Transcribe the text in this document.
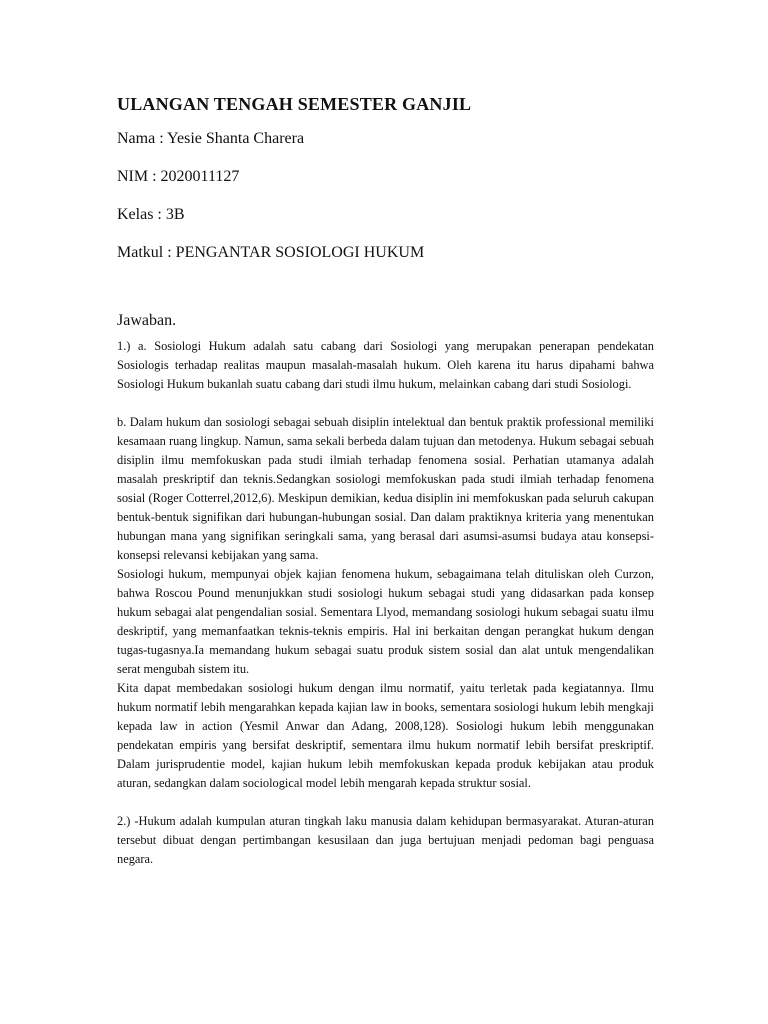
ULANGAN TENGAH SEMESTER GANJIL
Nama : Yesie Shanta Charera
NIM : 2020011127
Kelas : 3B
Matkul : PENGANTAR SOSIOLOGI HUKUM
Jawaban.

1.) a. Sosiologi Hukum adalah satu cabang dari Sosiologi yang merupakan penerapan pendekatan Sosiologis terhadap realitas maupun masalah-masalah hukum. Oleh karena itu harus dipahami bahwa Sosiologi Hukum bukanlah suatu cabang dari studi ilmu hukum, melainkan cabang dari studi Sosiologi.

b. Dalam hukum dan sosiologi sebagai sebuah disiplin intelektual dan bentuk praktik professional memiliki kesamaan ruang lingkup. Namun, sama sekali berbeda dalam tujuan dan metodenya. Hukum sebagai sebuah disiplin ilmu memfokuskan pada studi ilmiah terhadap fenomena sosial. Perhatian utamanya adalah masalah preskriptif dan teknis.Sedangkan sosiologi memfokuskan pada studi ilmiah terhadap fenomena sosial (Roger Cotterrel,2012,6). Meskipun demikian, kedua disiplin ini memfokuskan pada seluruh cakupan bentuk-bentuk signifikan dari hubungan-hubungan sosial. Dan dalam praktiknya kriteria yang menentukan hubungan mana yang signifikan seringkali sama, yang berasal dari asumsi-asumsi budaya atau konsepsi-konsepsi relevansi kebijakan yang sama.

Sosiologi hukum, mempunyai objek kajian fenomena hukum, sebagaimana telah dituliskan oleh Curzon, bahwa Roscou Pound menunjukkan studi sosiologi hukum sebagai studi yang didasarkan pada konsep hukum sebagai alat pengendalian sosial. Sementara Llyod, memandang sosiologi hukum sebagai suatu ilmu deskriptif, yang memanfaatkan teknis-teknis empiris. Hal ini berkaitan dengan perangkat hukum dengan tugas-tugasnya.Ia memandang hukum sebagai suatu produk sistem sosial dan alat untuk mengendalikan serat mengubah sistem itu.

Kita dapat membedakan sosiologi hukum dengan ilmu normatif, yaitu terletak pada kegiatannya. Ilmu hukum normatif lebih mengarahkan kepada kajian law in books, sementara sosiologi hukum lebih mengkaji kepada law in action (Yesmil Anwar dan Adang, 2008,128). Sosiologi hukum lebih menggunakan pendekatan empiris yang bersifat deskriptif, sementara ilmu hukum normatif lebih bersifat preskriptif. Dalam jurisprudentie model, kajian hukum lebih memfokuskan kepada produk kebijakan atau produk aturan, sedangkan dalam sociological model lebih mengarah kepada struktur sosial.

2.) -Hukum adalah kumpulan aturan tingkah laku manusia dalam kehidupan bermasyarakat. Aturan-aturan tersebut dibuat dengan pertimbangan kesusilaan dan juga bertujuan menjadi pedoman bagi penguasa negara.
